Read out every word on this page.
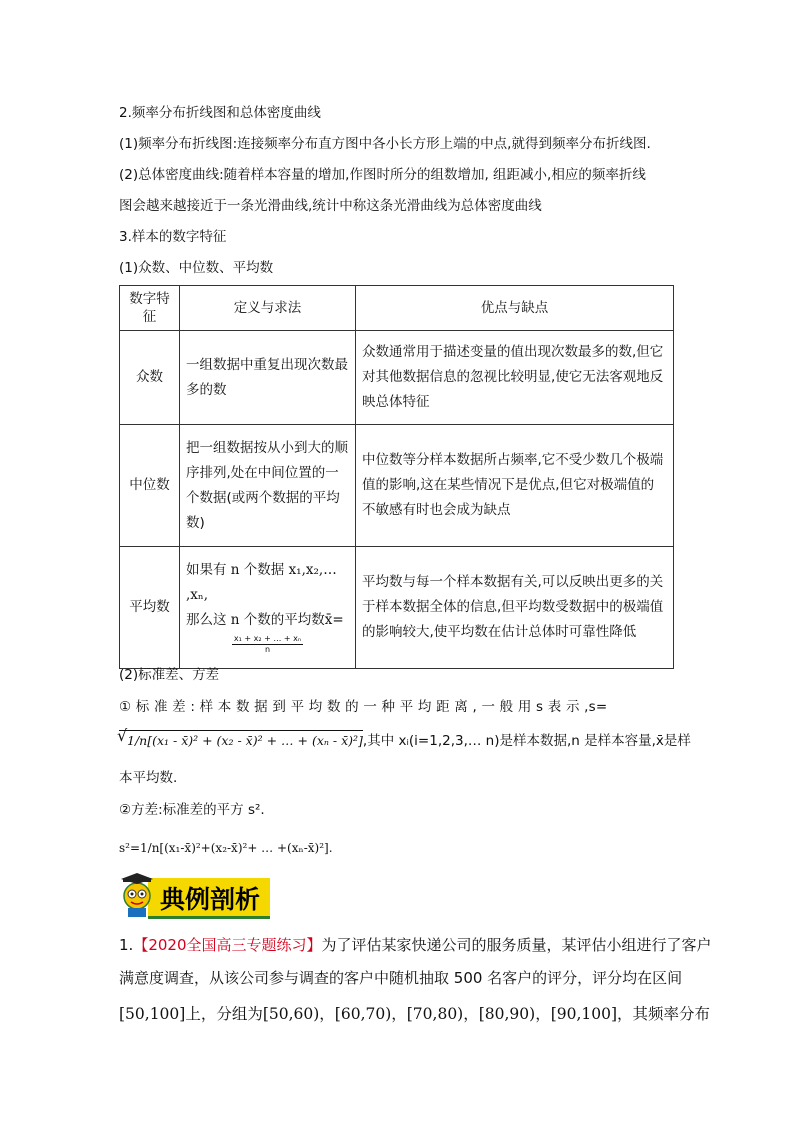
2.频率分布折线图和总体密度曲线
(1)频率分布折线图:连接频率分布直方图中各小长方形上端的中点,就得到频率分布折线图.
(2)总体密度曲线:随着样本容量的增加,作图时所分的组数增加, 组距减小,相应的频率折线
图会越来越接近于一条光滑曲线,统计中称这条光滑曲线为总体密度曲线
3.样本的数字特征
(1)众数、中位数、平均数
数字特征	定义与求法	优点与缺点
众数	一组数据中重复出现次数最多的数	众数通常用于描述变量的值出现次数最多的数,但它对其他数据信息的忽视比较明显,使它无法客观地反映总体特征
中位数	把一组数据按从小到大的顺序排列,处在中间位置的一个数据(或两个数据的平均数)	中位数等分样本数据所占频率,它不受少数几个极端值的影响,这在某些情况下是优点,但它对极端值的不敏感有时也会成为缺点
平均数	如果有 n 个数据 x₁,x₂,… ,xₙ,
那么这 n 个数的平均数x̄=

$\frac{\text{x₁ + x₂ + … + xₙ}}{n}$	平均数与每一个样本数据有关,可以反映出更多的关于样本数据全体的信息,但平均数受数据中的极端值的影响较大,使平均数在估计总体时可靠性降低
(2)标准差、方差
① 标 准 差 : 样 本 数 据 到 平 均 数 的 一 种 平 均 距 离 , 一 般 用 s 表 示 ,s=
√ 1/n[(x₁ - x̄)² + (x₂ - x̄)² + … + (xₙ - x̄)²],其中 xᵢ(i=1,2,3,… n)是样本数据,n 是样本容量,x̄是样
本平均数.
②方差:标准差的平方 s².
s²=1/n[(x₁-x̄)²+(x₂-x̄)²+ … +(xₙ-x̄)²].
典例剖析
1.【2020全国高三专题练习】为了评估某家快递公司的服务质量，某评估小组进行了客户
满意度调查，从该公司参与调查的客户中随机抽取 500 名客户的评分，评分均在区间
[50,100]上，分组为[50,60)，[60,70)，[70,80)，[80,90)，[90,100]，其频率分布
